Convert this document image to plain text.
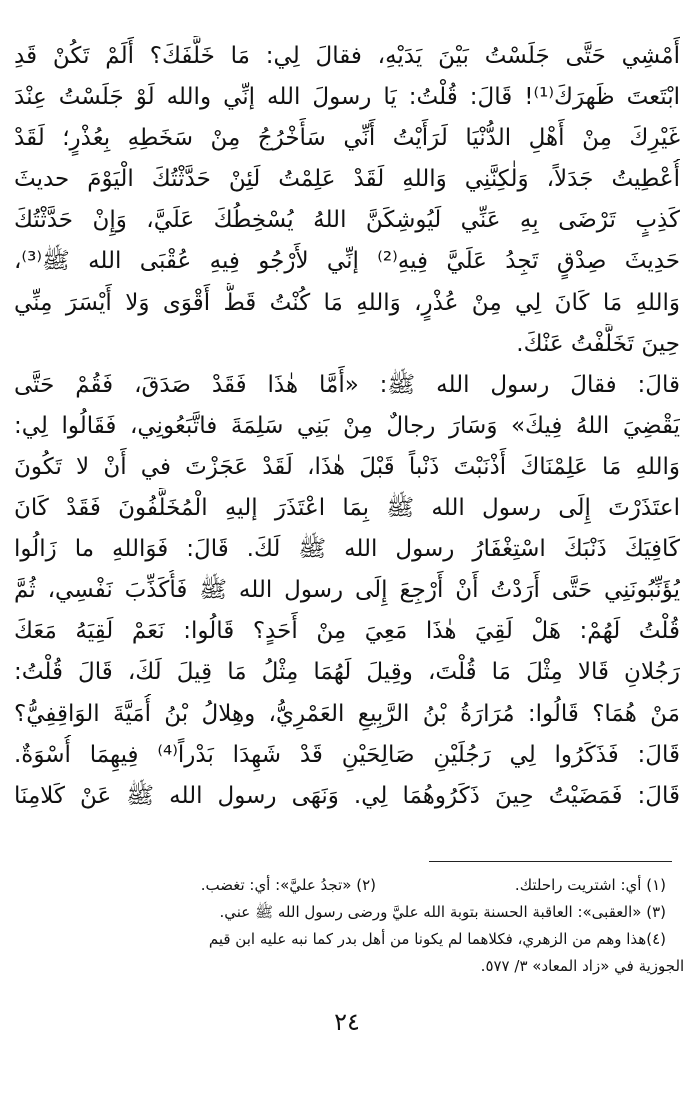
أَمْشِي حَتَّى جَلَسْتُ بَيْنَ يَدَيْهِ، فقالَ لِي: مَا خَلَّفَكَ؟ أَلَمْ تَكُنْ قَدِ
ابْتَعتَ ظَهرَكَ⁽¹⁾! قَالَ: قُلْتُ: يَا رسولَ الله إنِّي والله لَوْ جَلَسْتُ عِنْدَ
غَيْرِكَ مِنْ أَهْلِ الدُّنْيَا لَرَأَيْتُ أَنِّي سَأَخْرُجُ مِنْ سَخَطِهِ بِعُذْرٍ؛ لَقَدْ
أُعْطِيتُ جَدَلاً، وَلٰكِنَّنِي وَاللهِ لَقَدْ عَلِمْتُ لَئِنْ حَدَّثْتُكَ الْيَوْمَ حديثَ
كَذِبٍ تَرْضَى بِهِ عَنِّي لَيُوشِكَنَّ اللهُ يُسْخِطُكَ عَلَيَّ، وَإِنْ حَدَّثْتُكَ
حَدِيثَ صِدْقٍ تَجِدُ عَلَيَّ فِيهِ⁽²⁾ إنِّي لأَرْجُو فِيهِ عُقْبَى الله ﷺ⁽³⁾،
وَاللهِ مَا كَانَ لِي مِنْ عُذْرٍ، وَاللهِ مَا كُنْتُ قَطُّ أَقْوَى وَلا أَيْسَرَ مِنِّي
حِينَ تَخَلَّفْتُ عَنْكَ.
قالَ: فقالَ رسول الله ﷺ: «أَمَّا هٰذَا فَقَدْ صَدَقَ، فَقُمْ حَتَّى
يَقْضِيَ اللهُ فِيكَ» وَسَارَ رجالٌ مِنْ بَنِي سَلِمَةَ فاتَّبَعُونِي، فَقَالُوا لِي:
وَاللهِ مَا عَلِمْنَاكَ أَذْنَبْتَ ذَنْباً قَبْلَ هٰذَا، لَقَدْ عَجَزْتَ في أَنْ لا تَكُونَ
اعتَذَرْتَ إِلَى رسول الله ﷺ بِمَا اعْتَذَرَ إليهِ الْمُخَلَّفُونَ فَقَدْ كَانَ
كَافِيَكَ ذَنْبَكَ اسْتِغْفَارُ رسول الله ﷺ لَكَ. قَالَ: فَوَاللهِ ما زَالُوا
يُؤَنِّبُونَنِي حَتَّى أَرَدْتُ أَنْ أَرْجِعَ إِلَى رسول الله ﷺ فَأُكَذِّبَ نَفْسِي، ثُمَّ
قُلْتُ لَهُمْ: هَلْ لَقِيَ هٰذَا مَعِيَ مِنْ أَحَدٍ؟ قَالُوا: نَعَمْ لَقِيَهُ مَعَكَ
رَجُلانِ قَالا مِثْلَ مَا قُلْتَ، وقِيلَ لَهُمَا مِثْلُ مَا قِيلَ لَكَ، قَالَ قُلْتُ:
مَنْ هُمَا؟ قَالُوا: مُرَارَةُ بْنُ الرَّبِيعِ العَمْرِيُّ، وهِلالُ بْنُ أُمَيَّةَ الوَاقِفِيُّ؟
قَالَ: فَذَكَرُوا لِي رَجُلَيْنِ صَالِحَيْنِ قَدْ شَهِدَا بَدْراً⁽⁴⁾ فِيهِمَا أُسْوَةٌ.
قَالَ: فَمَضَيْتُ حِينَ ذَكَرُوهُمَا لِي. وَنَهَى رسول الله ﷺ عَنْ كَلامِنَا
(١) أي: اشتريت راحلتك.
(٢) «تجدُ عليَّ»: أي: تغضب.
(٣) «العقبى»: العاقبة الحسنة بتوبة الله عليَّ ورضى رسول الله ﷺ عني.
(٤)
هذا وهم من الزهري، فكلاهما لم يكونا من أهل بدر كما نبه عليه ابن قيم
الجوزية في «زاد المعاد» ٣/ ٥٧٧.
٢٤
